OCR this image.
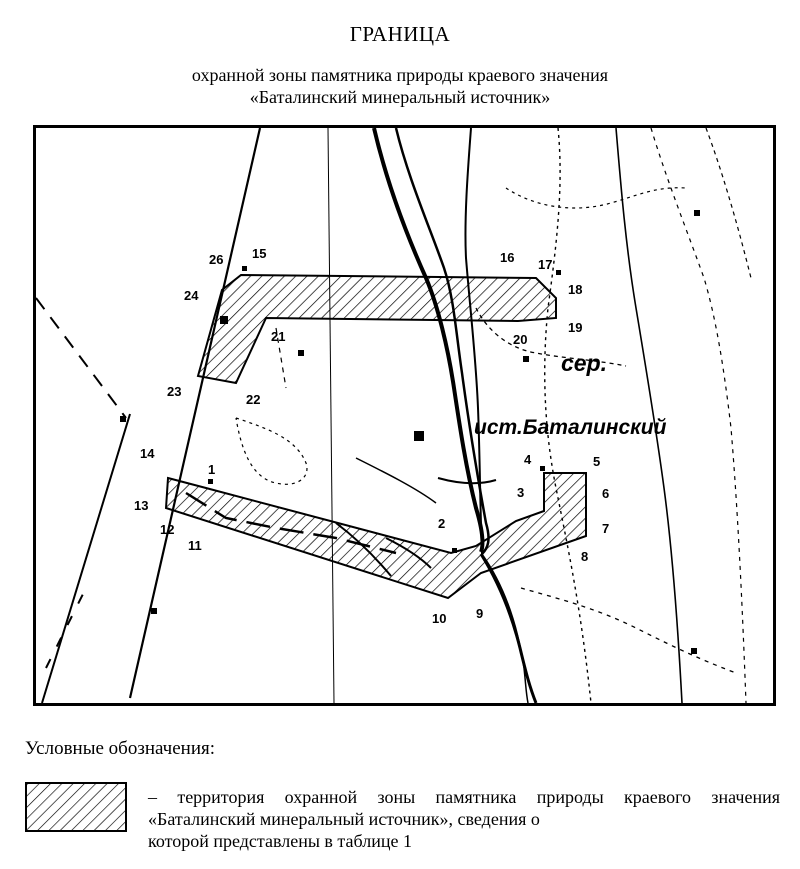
ГРАНИЦА
охранной зоны памятника природы краевого значения
«Баталинский минеральный источник»
1
2
3
4	5
6
7
8
9
10
11
12
13
14
15	16 17
18
19
20
21
22
23
24
26
ист.Баталинский
сер.
Условные обозначения:
– территория охранной зоны памятника природы краевого значения «Баталинский минеральный источник», сведения о
которой представлены в таблице 1
